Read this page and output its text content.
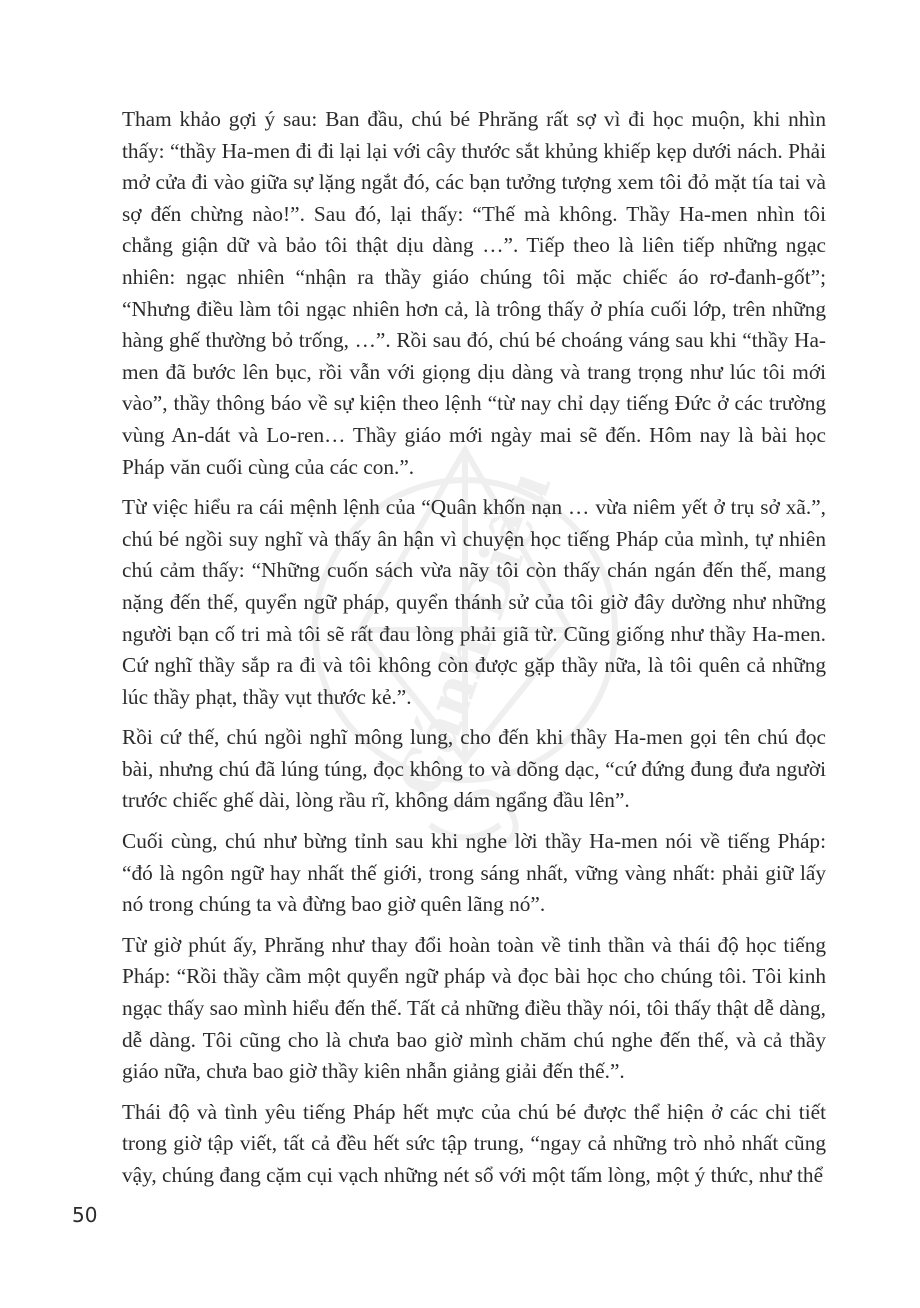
Cánh Diều

Tham khảo gợi ý sau: Ban đầu, chú bé Phrăng rất sợ vì đi học muộn, khi nhìn thấy: “thầy Ha-men đi đi lại lại với cây thước sắt khủng khiếp kẹp dưới nách. Phải mở cửa đi vào giữa sự lặng ngắt đó, các bạn tưởng tượng xem tôi đỏ mặt tía tai và sợ đến chừng nào!”. Sau đó, lại thấy: “Thế mà không. Thầy Ha-men nhìn tôi chẳng giận dữ và bảo tôi thật dịu dàng …”. Tiếp theo là liên tiếp những ngạc nhiên: ngạc nhiên “nhận ra thầy giáo chúng tôi mặc chiếc áo rơ-đanh-gốt”; “Nhưng điều làm tôi ngạc nhiên hơn cả, là trông thấy ở phía cuối lớp, trên những hàng ghế thường bỏ trống, …”. Rồi sau đó, chú bé choáng váng sau khi “thầy Ha-men đã bước lên bục, rồi vẫn với giọng dịu dàng và trang trọng như lúc tôi mới vào”, thầy thông báo về sự kiện theo lệnh “từ nay chỉ dạy tiếng Đức ở các trường vùng An-dát và Lo-ren… Thầy giáo mới ngày mai sẽ đến. Hôm nay là bài học Pháp văn cuối cùng của các con.”.

Từ việc hiểu ra cái mệnh lệnh của “Quân khốn nạn … vừa niêm yết ở trụ sở xã.”, chú bé ngồi suy nghĩ và thấy ân hận vì chuyện học tiếng Pháp của mình, tự nhiên chú cảm thấy: “Những cuốn sách vừa nãy tôi còn thấy chán ngán đến thế, mang nặng đến thế, quyển ngữ pháp, quyển thánh sử của tôi giờ đây dường như những người bạn cố tri mà tôi sẽ rất đau lòng phải giã từ. Cũng giống như thầy Ha-men. Cứ nghĩ thầy sắp ra đi và tôi không còn được gặp thầy nữa, là tôi quên cả những lúc thầy phạt, thầy vụt thước kẻ.”.

Rồi cứ thế, chú ngồi nghĩ mông lung, cho đến khi thầy Ha-men gọi tên chú đọc bài, nhưng chú đã lúng túng, đọc không to và dõng dạc, “cứ đứng đung đưa người trước chiếc ghế dài, lòng rầu rĩ, không dám ngẩng đầu lên”.

Cuối cùng, chú như bừng tỉnh sau khi nghe lời thầy Ha-men nói về tiếng Pháp: “đó là ngôn ngữ hay nhất thế giới, trong sáng nhất, vững vàng nhất: phải giữ lấy nó trong chúng ta và đừng bao giờ quên lãng nó”.

Từ giờ phút ấy, Phrăng như thay đổi hoàn toàn về tinh thần và thái độ học tiếng Pháp: “Rồi thầy cầm một quyển ngữ pháp và đọc bài học cho chúng tôi. Tôi kinh ngạc thấy sao mình hiểu đến thế. Tất cả những điều thầy nói, tôi thấy thật dễ dàng, dễ dàng. Tôi cũng cho là chưa bao giờ mình chăm chú nghe đến thế, và cả thầy giáo nữa, chưa bao giờ thầy kiên nhẫn giảng giải đến thế.”.

Thái độ và tình yêu tiếng Pháp hết mực của chú bé được thể hiện ở các chi tiết trong giờ tập viết, tất cả đều hết sức tập trung, “ngay cả những trò nhỏ nhất cũng vậy, chúng đang cặm cụi vạch những nét sổ với một tấm lòng, một ý thức, như thể

50
